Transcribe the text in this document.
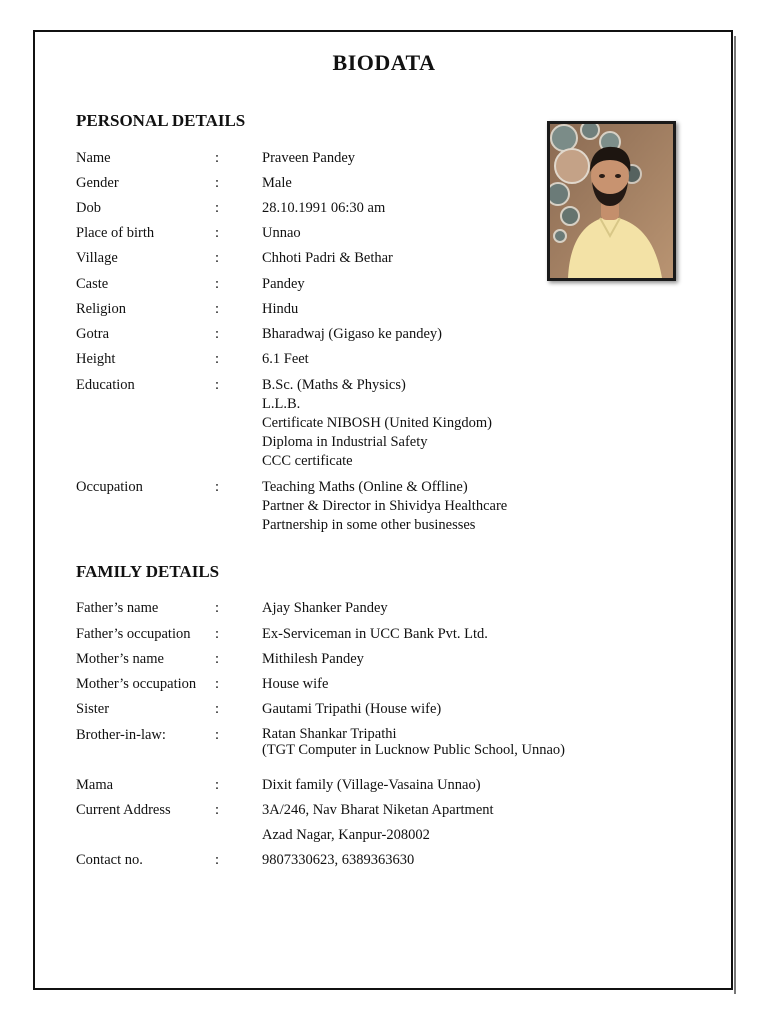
BIODATA
PERSONAL DETAILS
Name	:	Praveen Pandey
Gender	:	Male
Dob	:	28.10.1991 06:30 am
Place of birth	:	Unnao
Village	:	Chhoti Padri & Bethar
Caste	:	Pandey
Religion	:	Hindu
Gotra	:	Bharadwaj (Gigaso ke pandey)
Height	:	6.1 Feet
Education	:	B.Sc. (Maths & Physics)
L.L.B.
Certificate NIBOSH (United Kingdom)
Diploma in Industrial Safety
CCC certificate
Occupation	:	Teaching Maths (Online & Offline)
Partner & Director in Shividya Healthcare
Partnership in some other businesses
FAMILY DETAILS
Father’s name	:	Ajay Shanker Pandey
Father’s occupation	:	Ex-Serviceman in UCC Bank Pvt. Ltd.
Mother’s name	:	Mithilesh Pandey
Mother’s occupation	:	House wife
Sister	:	Gautami Tripathi (House wife)
Brother-in-law:	:	Ratan Shankar Tripathi
(TGT Computer in Lucknow Public School, Unnao)
Mama	:	Dixit family (Village-Vasaina Unnao)
Current Address	:	3A/246, Nav Bharat Niketan Apartment
Azad Nagar, Kanpur-208002
Contact no.	:	9807330623, 6389363630
